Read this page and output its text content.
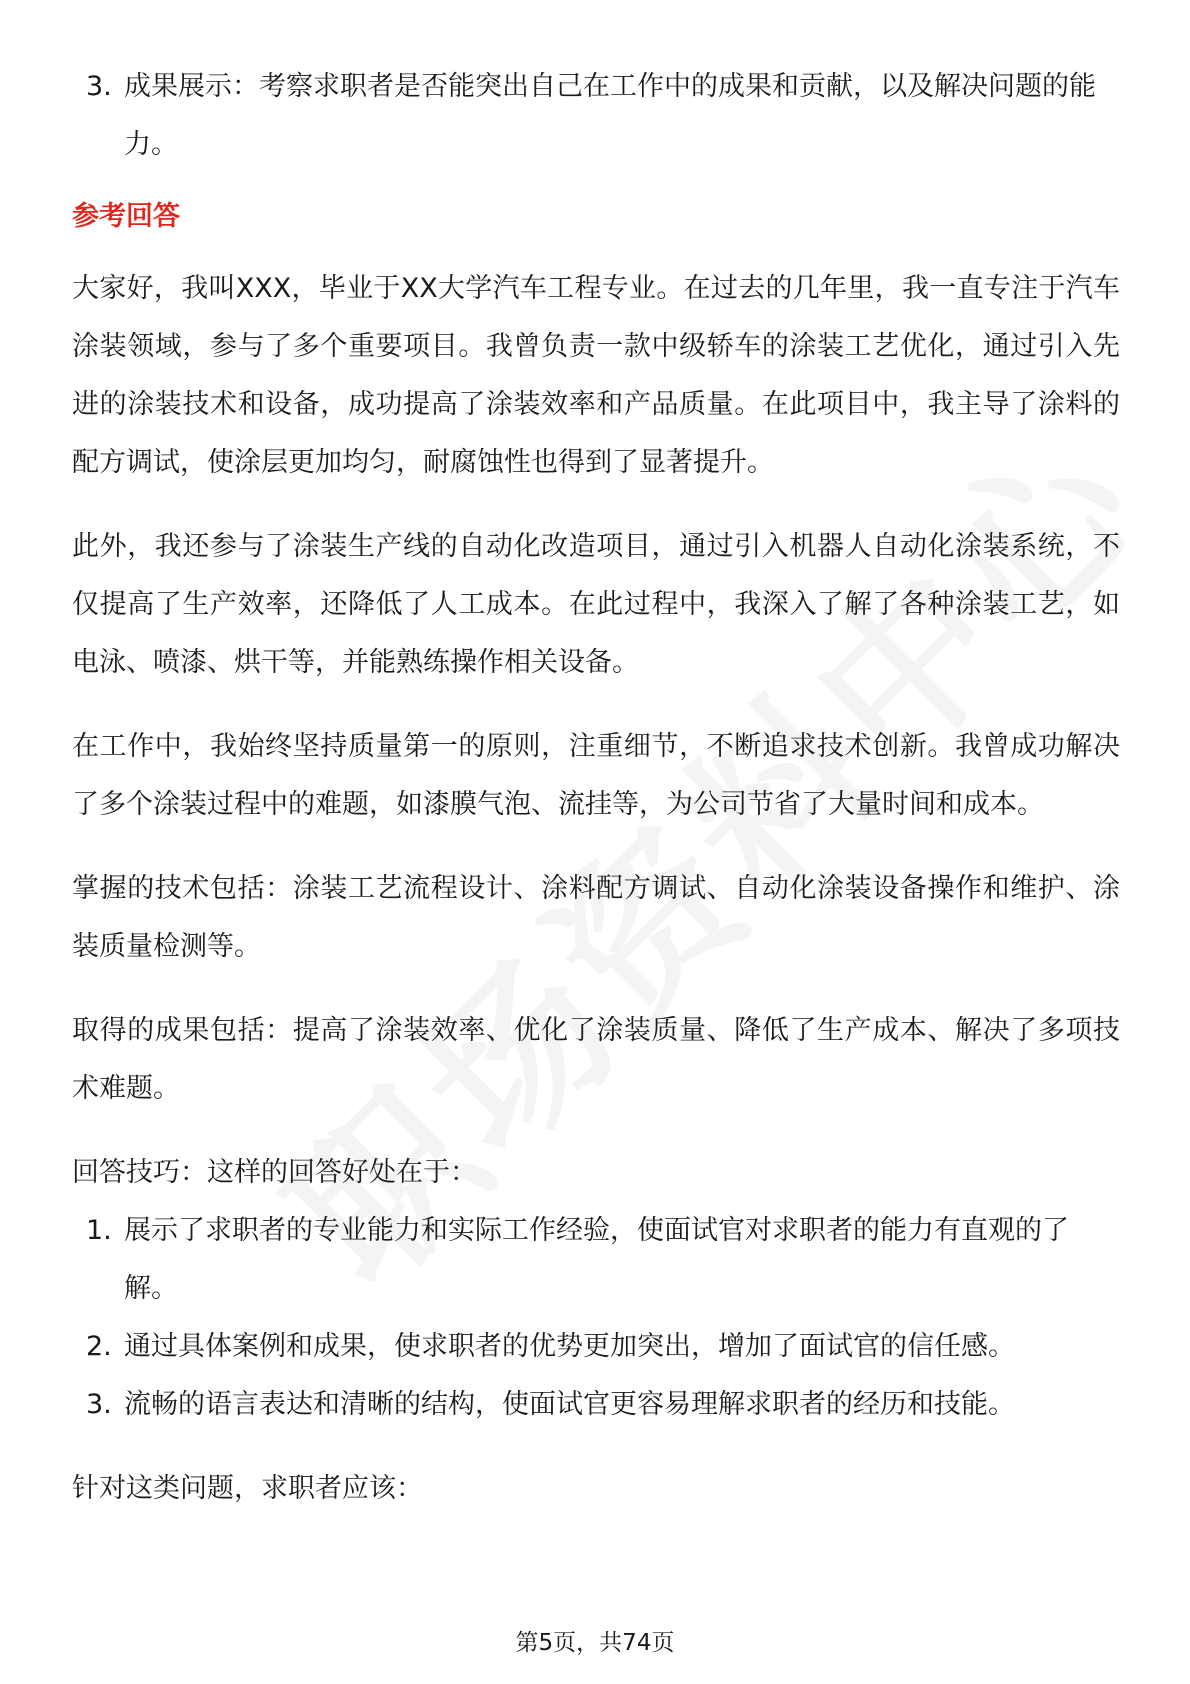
3. 成果展示：考察求职者是否能突出自己在工作中的成果和贡献，以及解决问题的能力。

参考回答

大家好，我叫XXX，毕业于XX大学汽车工程专业。在过去的几年里，我一直专注于汽车涂装领域，参与了多个重要项目。我曾负责一款中级轿车的涂装工艺优化，通过引入先进的涂装技术和设备，成功提高了涂装效率和产品质量。在此项目中，我主导了涂料的配方调试，使涂层更加均匀，耐腐蚀性也得到了显著提升。

此外，我还参与了涂装生产线的自动化改造项目，通过引入机器人自动化涂装系统，不仅提高了生产效率，还降低了人工成本。在此过程中，我深入了解了各种涂装工艺，如电泳、喷漆、烘干等，并能熟练操作相关设备。

在工作中，我始终坚持质量第一的原则，注重细节，不断追求技术创新。我曾成功解决了多个涂装过程中的难题，如漆膜气泡、流挂等，为公司节省了大量时间和成本。

掌握的技术包括：涂装工艺流程设计、涂料配方调试、自动化涂装设备操作和维护、涂装质量检测等。

取得的成果包括：提高了涂装效率、优化了涂装质量、降低了生产成本、解决了多项技术难题。

回答技巧：这样的回答好处在于：

1. 展示了求职者的专业能力和实际工作经验，使面试官对求职者的能力有直观的了解。
2. 通过具体案例和成果，使求职者的优势更加突出，增加了面试官的信任感。
3. 流畅的语言表达和清晰的结构，使面试官更容易理解求职者的经历和技能。

针对这类问题，求职者应该：

第5页，共74页
